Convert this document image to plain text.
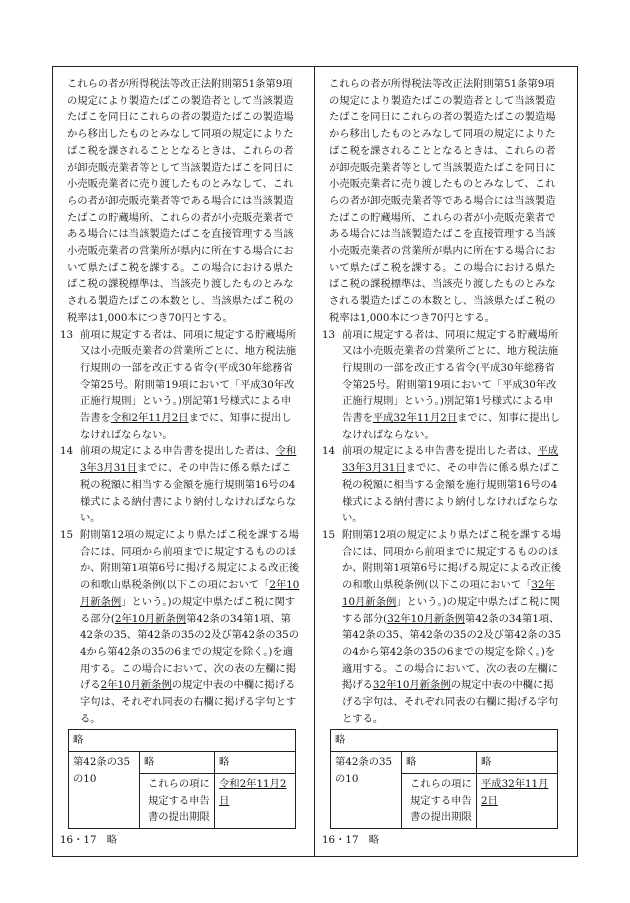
これらの者が所得税法等改正法附則第51条第9項の規定により製造たばこの製造者として当該製造たばこを同日にこれらの者の製造たばこの製造場から移出したものとみなして同項の規定によりたばこ税を課されることとなるときは、これらの者が卸売販売業者等として当該製造たばこを同日に小売販売業者に売り渡したものとみなして、これらの者が卸売販売業者等である場合には当該製造たばこの貯蔵場所、これらの者が小売販売業者である場合には当該製造たばこを直接管理する当該小売販売業者の営業所が県内に所在する場合において県たばこ税を課する。この場合における県たばこ税の課税標準は、当該売り渡したものとみなされる製造たばこの本数とし、当該県たばこ税の税率は1,000本につき70円とする。

13 前項に規定する者は、同項に規定する貯蔵場所又は小売販売業者の営業所ごとに、地方税法施行規則の一部を改正する省令(平成30年総務省令第25号。附則第19項において「平成30年改正施行規則」という。)別記第1号様式による申告書を令和2年11月2日までに、知事に提出しなければならない。
14 前項の規定による申告書を提出した者は、令和3年3月31日までに、その申告に係る県たばこ税の税額に相当する金額を施行規則第16号の4様式による納付書により納付しなければならない。
15 附則第12項の規定により県たばこ税を課する場合には、同項から前項までに規定するもののほか、附則第1項第6号に掲げる規定による改正後の和歌山県税条例(以下この項において「2年10月新条例」という。)の規定中県たばこ税に関する部分(2年10月新条例第42条の34第1項、第42条の35、第42条の35の2及び第42条の35の4から第42条の35の6までの規定を除く。)を適用する。この場合において、次の表の左欄に掲げる2年10月新条例の規定中表の中欄に掲げる字句は、それぞれ同表の右欄に掲げる字句とする。
略		
第42条の35の10	略	略
	これらの項に規定する申告書の提出期限	令和2年11月2日

16・17　略

これらの者が所得税法等改正法附則第51条第9項の規定により製造たばこの製造者として当該製造たばこを同日にこれらの者の製造たばこの製造場から移出したものとみなして同項の規定によりたばこ税を課されることとなるときは、これらの者が卸売販売業者等として当該製造たばこを同日に小売販売業者に売り渡したものとみなして、これらの者が卸売販売業者等である場合には当該製造たばこの貯蔵場所、これらの者が小売販売業者である場合には当該製造たばこを直接管理する当該小売販売業者の営業所が県内に所在する場合において県たばこ税を課する。この場合における県たばこ税の課税標準は、当該売り渡したものとみなされる製造たばこの本数とし、当該県たばこ税の税率は1,000本につき70円とする。

13 前項に規定する者は、同項に規定する貯蔵場所又は小売販売業者の営業所ごとに、地方税法施行規則の一部を改正する省令(平成30年総務省令第25号。附則第19項において「平成30年改正施行規則」という。)別記第1号様式による申告書を平成32年11月2日までに、知事に提出しなければならない。
14 前項の規定による申告書を提出した者は、平成33年3月31日までに、その申告に係る県たばこ税の税額に相当する金額を施行規則第16号の4様式による納付書により納付しなければならない。
15 附則第12項の規定により県たばこ税を課する場合には、同項から前項までに規定するもののほか、附則第1項第6号に掲げる規定による改正後の和歌山県税条例(以下この項において「32年10月新条例」という。)の規定中県たばこ税に関する部分(32年10月新条例第42条の34第1項、第42条の35、第42条の35の2及び第42条の35の4から第42条の35の6までの規定を除く。)を適用する。この場合において、次の表の左欄に掲げる32年10月新条例の規定中表の中欄に掲げる字句は、それぞれ同表の右欄に掲げる字句とする。
略		
第42条の35の10	略	略
	これらの項に規定する申告書の提出期限	平成32年11月2日

16・17　略
